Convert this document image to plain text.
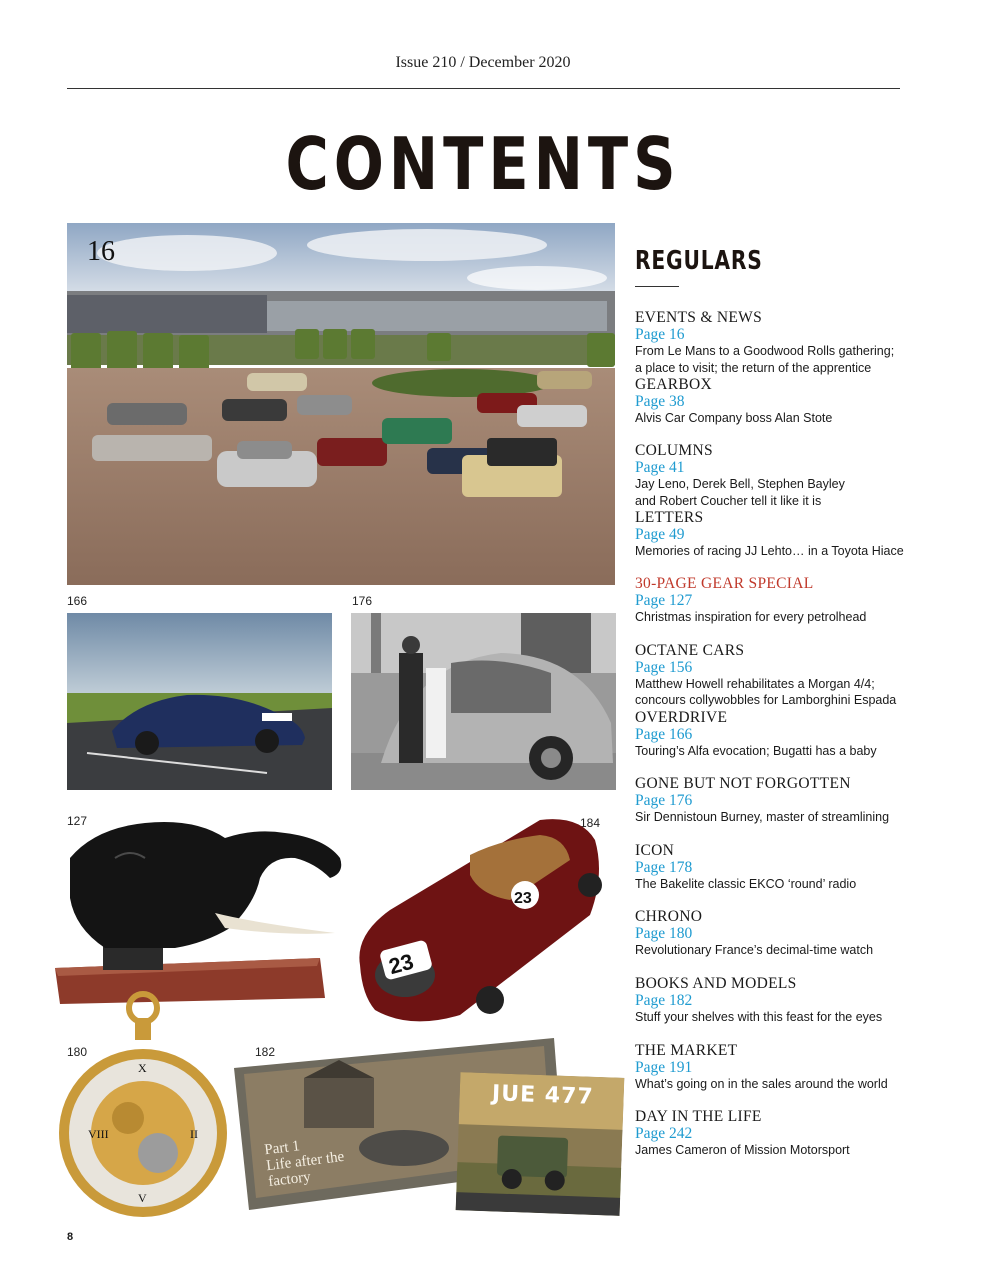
Issue 210 / December 2020
CONTENTS
16
166	176
127	184
23
23
180	182
X
VIII	II
V
Part 1
Life after the factory
JUE 477
REGULARS
EVENTS & NEWS
Page 16
From Le Mans to a Goodwood Rolls gathering;
a place to visit; the return of the apprentice
GEARBOX
Page 38
Alvis Car Company boss Alan Stote
COLUMNS
Page 41
Jay Leno, Derek Bell, Stephen Bayley
and Robert Coucher tell it like it is
LETTERS
Page 49
Memories of racing JJ Lehto… in a Toyota Hiace
30-PAGE GEAR SPECIAL
Page 127
Christmas inspiration for every petrolhead
OCTANE CARS
Page 156
Matthew Howell rehabilitates a Morgan 4/4;
concours collywobbles for Lamborghini Espada
OVERDRIVE
Page 166
Touring’s Alfa evocation; Bugatti has a baby
GONE BUT NOT FORGOTTEN
Page 176
Sir Dennistoun Burney, master of streamlining
ICON
Page 178
The Bakelite classic EKCO ‘round’ radio
CHRONO
Page 180
Revolutionary France’s decimal-time watch
BOOKS AND MODELS
Page 182
Stuff your shelves with this feast for the eyes
THE MARKET
Page 191
What’s going on in the sales around the world
DAY IN THE LIFE
Page 242
James Cameron of Mission Motorsport
8
